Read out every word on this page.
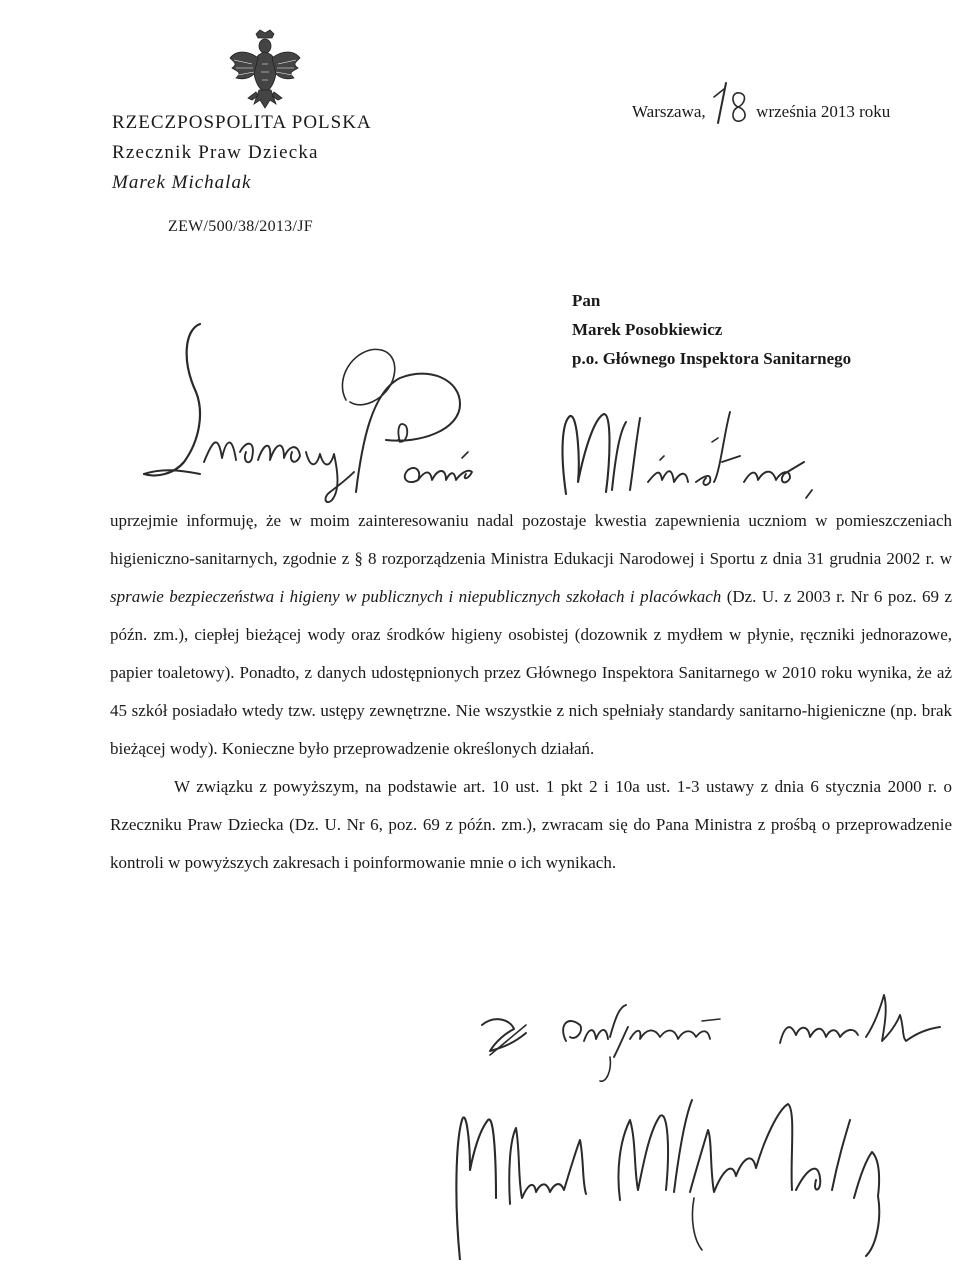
RZECZPOSPOLITA POLSKA
Rzecznik Praw Dziecka
Marek Michalak
ZEW/500/38/2013/JF
Warszawa,	września 2013 roku
Pan
Marek Posobkiewicz
p.o. Głównego Inspektora Sanitarnego

uprzejmie informuję, że w moim zainteresowaniu nadal pozostaje kwestia zapewnienia uczniom w pomieszczeniach higieniczno-sanitarnych, zgodnie z § 8 rozporządzenia Ministra Edukacji Narodowej i Sportu z dnia 31 grudnia 2002 r. w sprawie bezpieczeństwa i higieny w publicznych i niepublicznych szkołach i placówkach (Dz. U. z 2003 r. Nr 6 poz. 69 z późn. zm.), ciepłej bieżącej wody oraz środków higieny osobistej (dozownik z mydłem w płynie, ręczniki jednorazowe, papier toaletowy). Ponadto, z danych udostępnionych przez Głównego Inspektora Sanitarnego w 2010 roku wynika, że aż 45 szkół posiadało wtedy tzw. ustępy zewnętrzne. Nie wszystkie z nich spełniały standardy sanitarno-higieniczne (np. brak bieżącej wody). Konieczne było przeprowadzenie określonych działań.

W związku z powyższym, na podstawie art. 10 ust. 1 pkt 2 i 10a ust. 1-3 ustawy z dnia 6 stycznia 2000 r. o Rzeczniku Praw Dziecka (Dz. U. Nr 6, poz. 69 z późn. zm.), zwracam się do Pana Ministra z prośbą o przeprowadzenie kontroli w powyższych zakresach i poinformowanie mnie o ich wynikach.
